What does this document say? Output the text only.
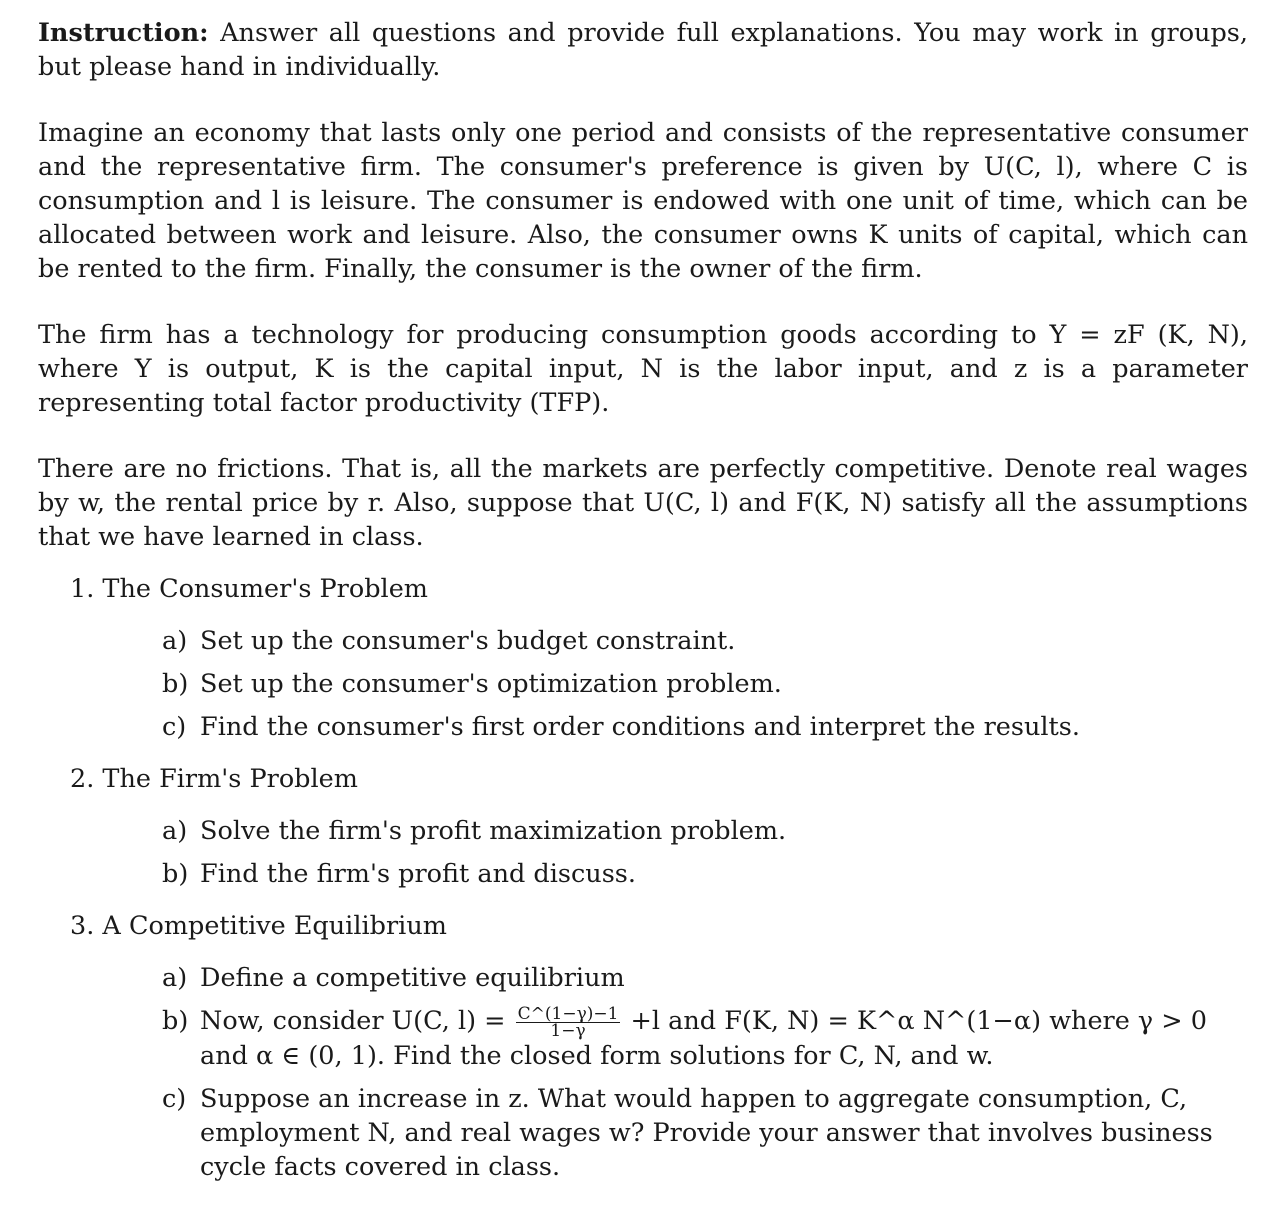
Instruction: Answer all questions and provide full explanations. You may work in groups, but please hand in individually.

Imagine an economy that lasts only one period and consists of the representative consumer and the representative firm. The consumer's preference is given by U(C, l), where C is consumption and l is leisure. The consumer is endowed with one unit of time, which can be allocated between work and leisure. Also, the consumer owns K units of capital, which can be rented to the firm. Finally, the consumer is the owner of the firm.

The firm has a technology for producing consumption goods according to Y = zF (K, N), where Y is output, K is the capital input, N is the labor input, and z is a parameter representing total factor productivity (TFP).

There are no frictions. That is, all the markets are perfectly competitive. Denote real wages by w, the rental price by r. Also, suppose that U(C, l) and F(K, N) satisfy all the assumptions that we have learned in class.

1. The Consumer's Problem

a) Set up the consumer's budget constraint.
b) Set up the consumer's optimization problem.
c) Find the consumer's first order conditions and interpret the results.

2. The Firm's Problem

a) Solve the firm's profit maximization problem.
b) Find the firm's profit and discuss.

3. A Competitive Equilibrium

a) Define a competitive equilibrium
b) Now, consider U(C, $l) = \frac{C\^{}(1-\gamma)-1}{1-\gamma} +l$ and F(K, N) = K^α N^(1−α) where γ > 0 and α ∈ (0, 1). Find the closed form solutions for C, N, and w.
c) Suppose an increase in z. What would happen to aggregate consumption, C, employment N, and real wages w? Provide your answer that involves business cycle facts covered in class.
